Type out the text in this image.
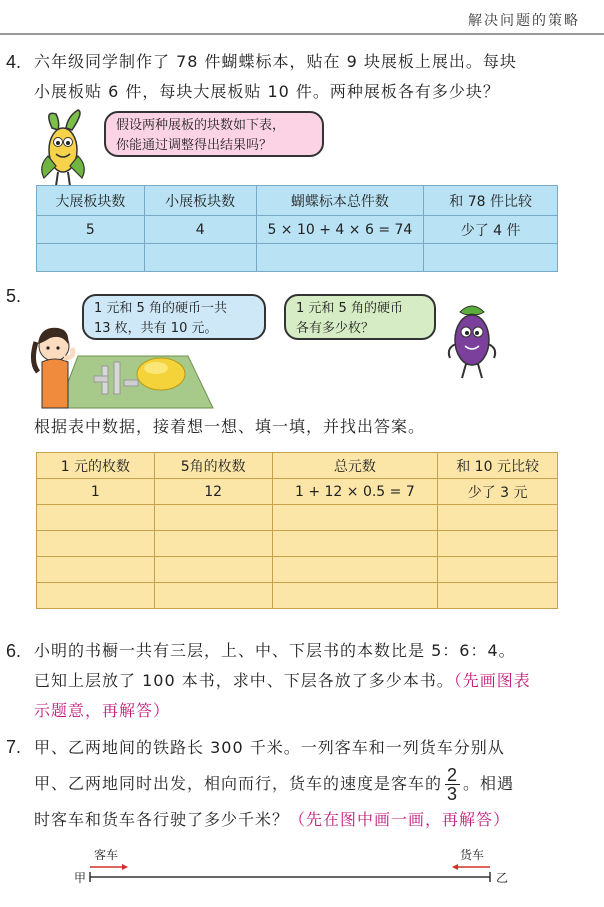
解决问题的策略
4. 六年级同学制作了 78 件蝴蝶标本，贴在 9 块展板上展出。每块
小展板贴 6 件，每块大展板贴 10 件。两种展板各有多少块？
假设两种展板的块数如下表，
你能通过调整得出结果吗？
大展板块数	小展板块数	蝴蝶标本总件数	和 78 件比较
5	4	5 × 10 + 4 × 6 = 74	少了 4 件

5.
1 元和 5 角的硬币一共
13 枚，共有 10 元。
1 元和 5 角的硬币
各有多少枚？
根据表中数据，接着想一想、填一填，并找出答案。
1 元的枚数	5角的枚数	总元数	和 10 元比较
1	12	1 + 12 × 0.5 = 7	少了 3 元

6. 小明的书橱一共有三层，上、中、下层书的本数比是 5：6：4。
已知上层放了 100 本书，求中、下层各放了多少本书。（先画图表
示题意，再解答）
7. 甲、乙两地间的铁路长 300 千米。一列客车和一列货车分别从
甲、乙两地同时出发，相向而行，货车的速度是客车的 $\frac{2}{3}$ 。相遇
时客车和货车各行驶了多少千米？（先在图中画一画，再解答）
客车	货车
甲	乙
